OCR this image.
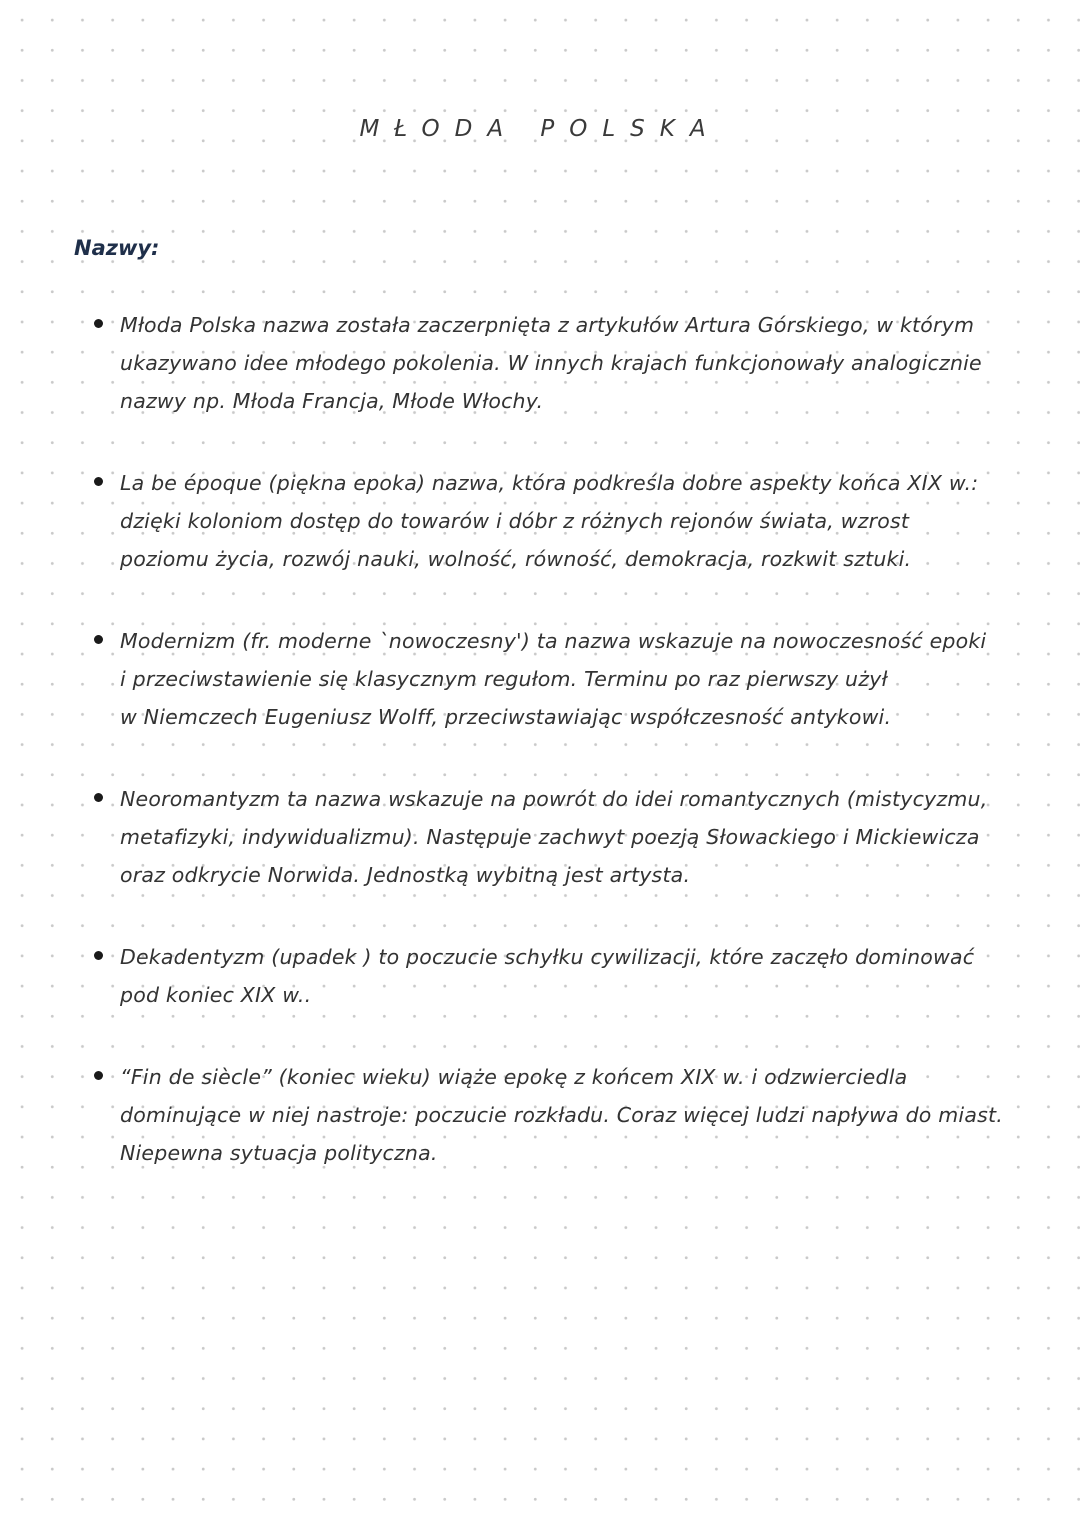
MŁODA POLSKA
Nazwy:
Młoda Polska nazwa została zaczerpnięta z artykułów Artura Górskiego, w którym
ukazywano idee młodego pokolenia. W innych krajach funkcjonowały analogicznie
nazwy np. Młoda Francja, Młode Włochy.
La be époque (piękna epoka) nazwa, która podkreśla dobre aspekty końca XIX w.:
dzięki koloniom dostęp do towarów i dóbr z różnych rejonów świata, wzrost
poziomu życia, rozwój nauki, wolność, równość, demokracja, rozkwit sztuki.
Modernizm (fr. moderne `nowoczesny') ta nazwa wskazuje na nowoczesność epoki
i przeciwstawienie się klasycznym regułom. Terminu po raz pierwszy użył
w Niemczech Eugeniusz Wolff, przeciwstawiając współczesność antykowi.
Neoromantyzm ta nazwa wskazuje na powrót do idei romantycznych (mistycyzmu,
metafizyki, indywidualizmu). Następuje zachwyt poezją Słowackiego i Mickiewicza
oraz odkrycie Norwida. Jednostką wybitną jest artysta.
Dekadentyzm (upadek ) to poczucie schyłku cywilizacji, które zaczęło dominować
pod koniec XIX w..
“Fin de siècle” (koniec wieku) wiąże epokę z końcem XIX w. i odzwierciedla
dominujące w niej nastroje: poczucie rozkładu. Coraz więcej ludzi napływa do miast.
Niepewna sytuacja polityczna.
